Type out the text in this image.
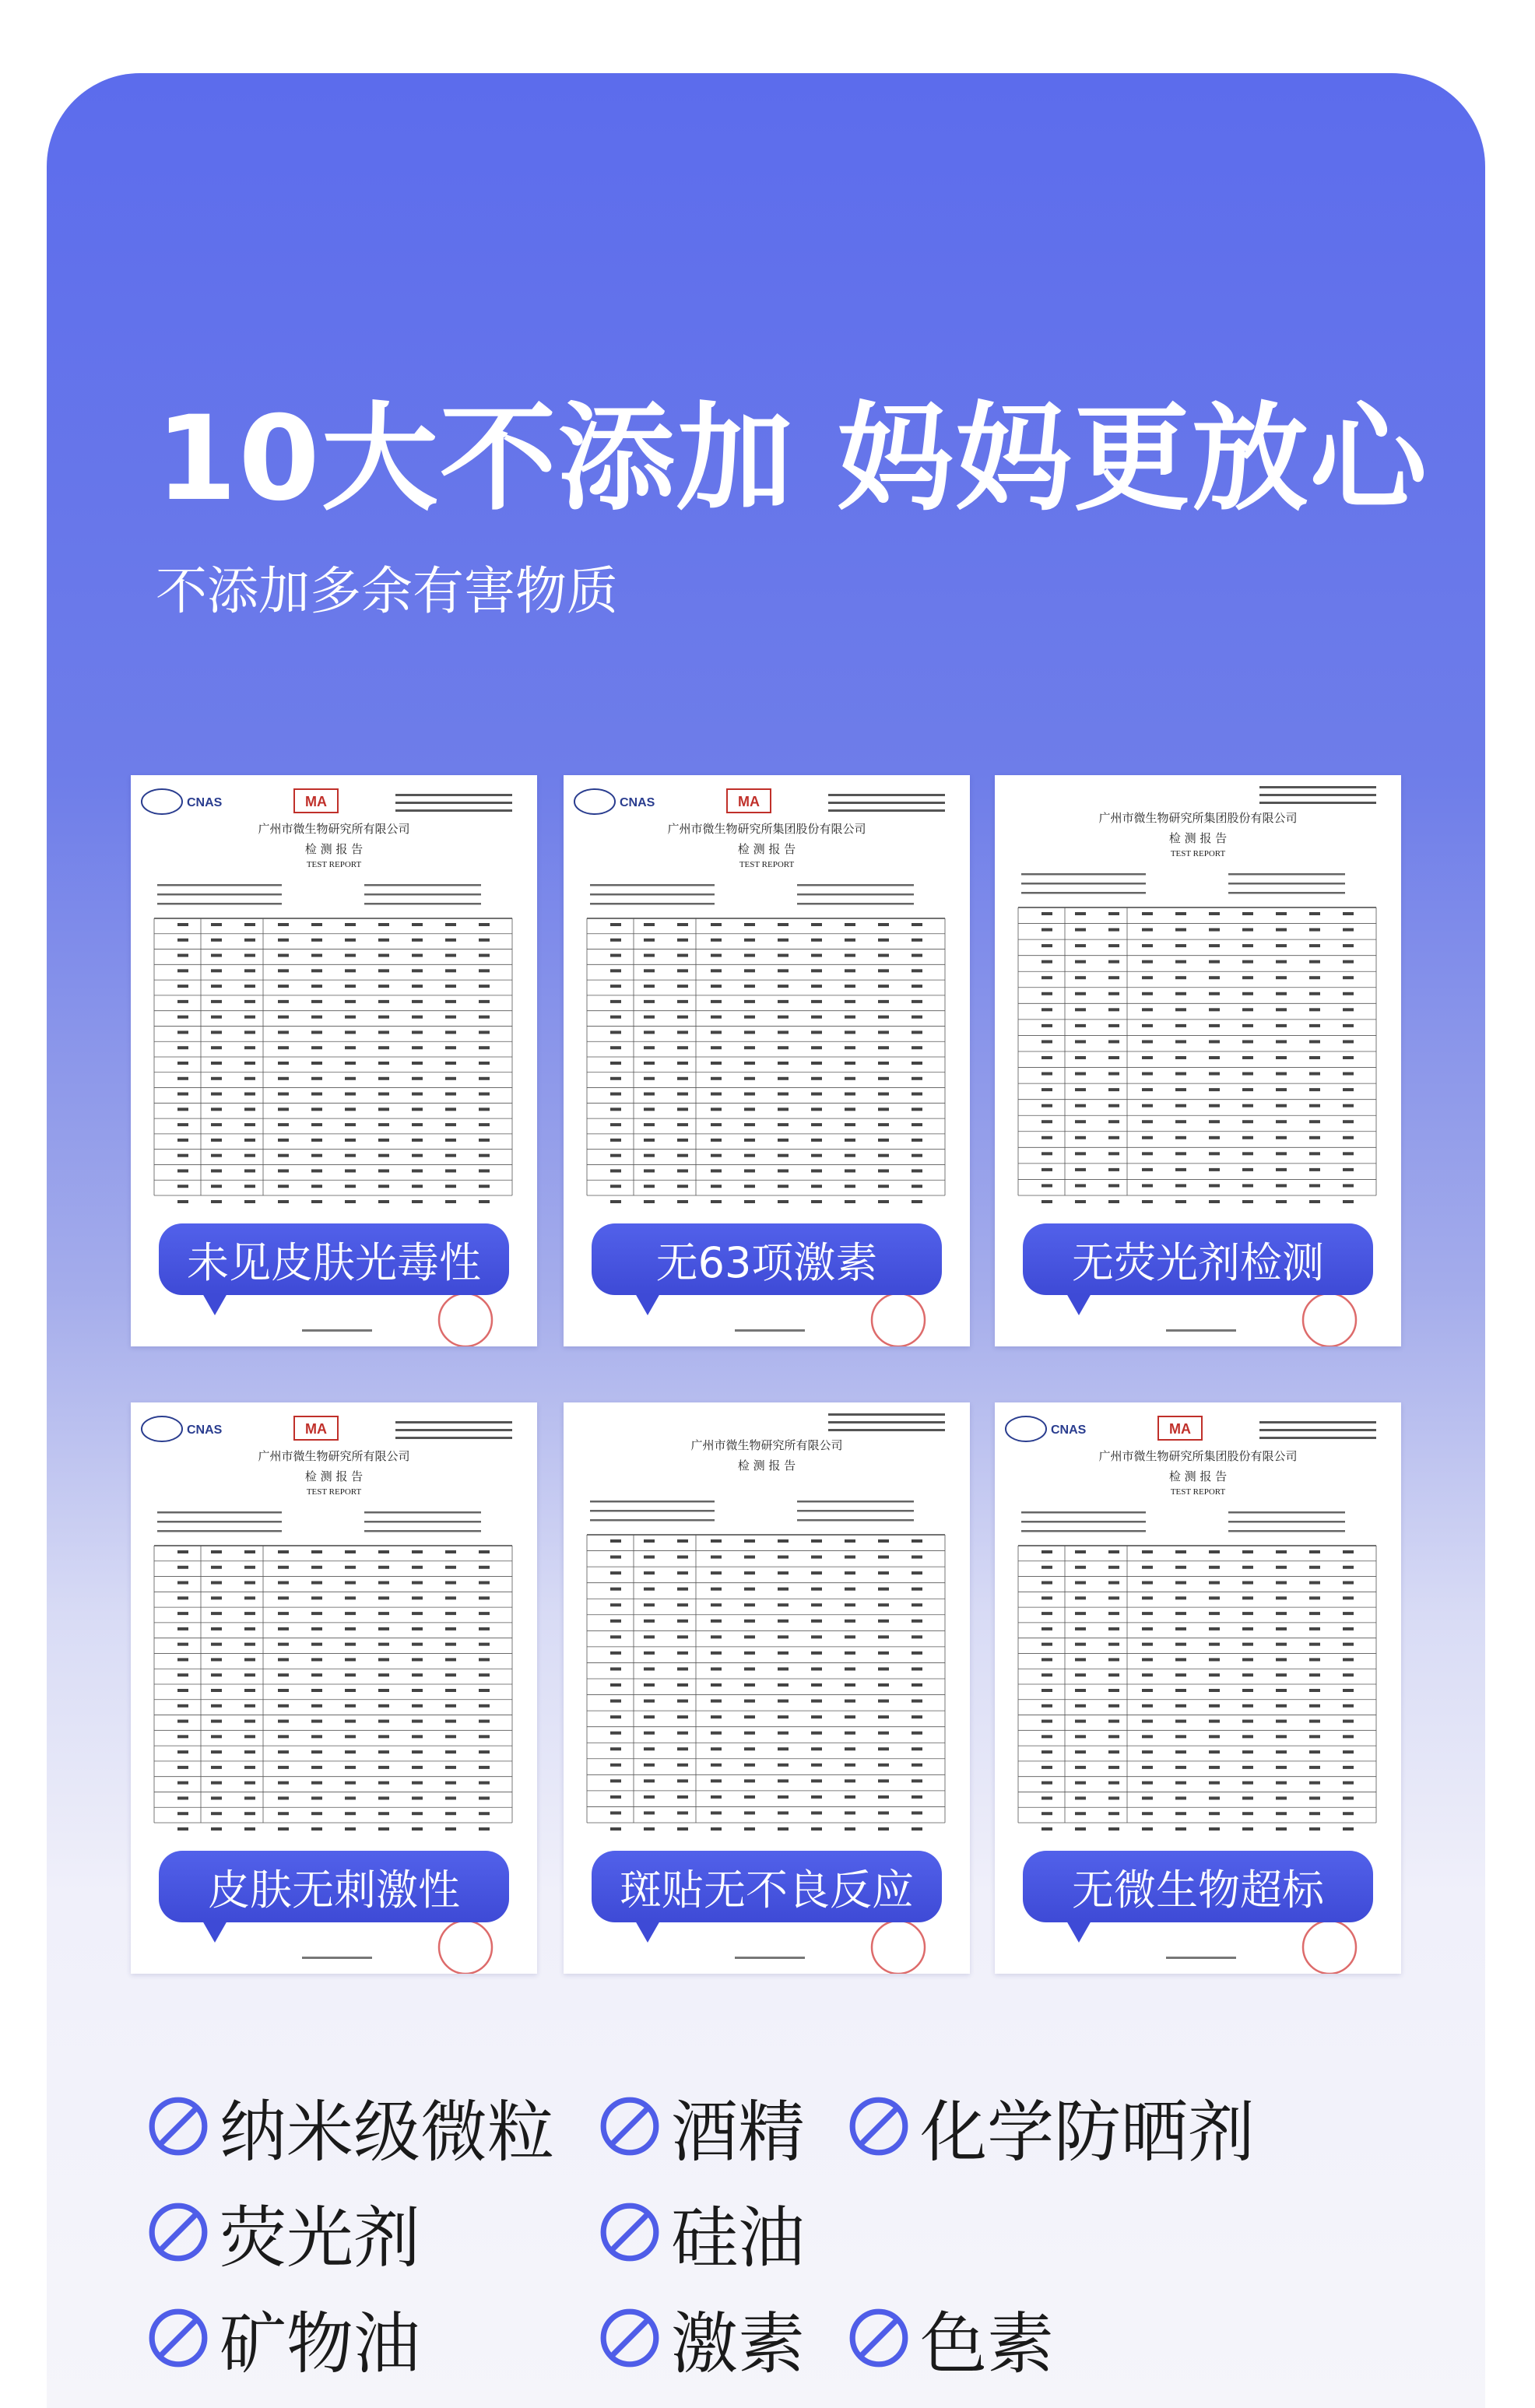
10大不添加 妈妈更放心

不添加多余有害物质

CNAS	MA
广州市微生物研究所有限公司
检 测 报 告
TEST REPORT
未见皮肤光毒性
CNAS	MA
广州市微生物研究所集团股份有限公司
检 测 报 告
TEST REPORT
无63项激素
广州市微生物研究所集团股份有限公司
检 测 报 告
TEST REPORT
无荧光剂检测
CNAS	MA
广州市微生物研究所有限公司
检 测 报 告
TEST REPORT
皮肤无刺激性
广州市微生物研究所有限公司
检 测 报 告
斑贴无不良反应
CNAS	MA
广州市微生物研究所集团股份有限公司
检 测 报 告
TEST REPORT
无微生物超标
纳米级微粒 酒精 化学防晒剂
荧光剂	硅油
矿物油	激素 色素
